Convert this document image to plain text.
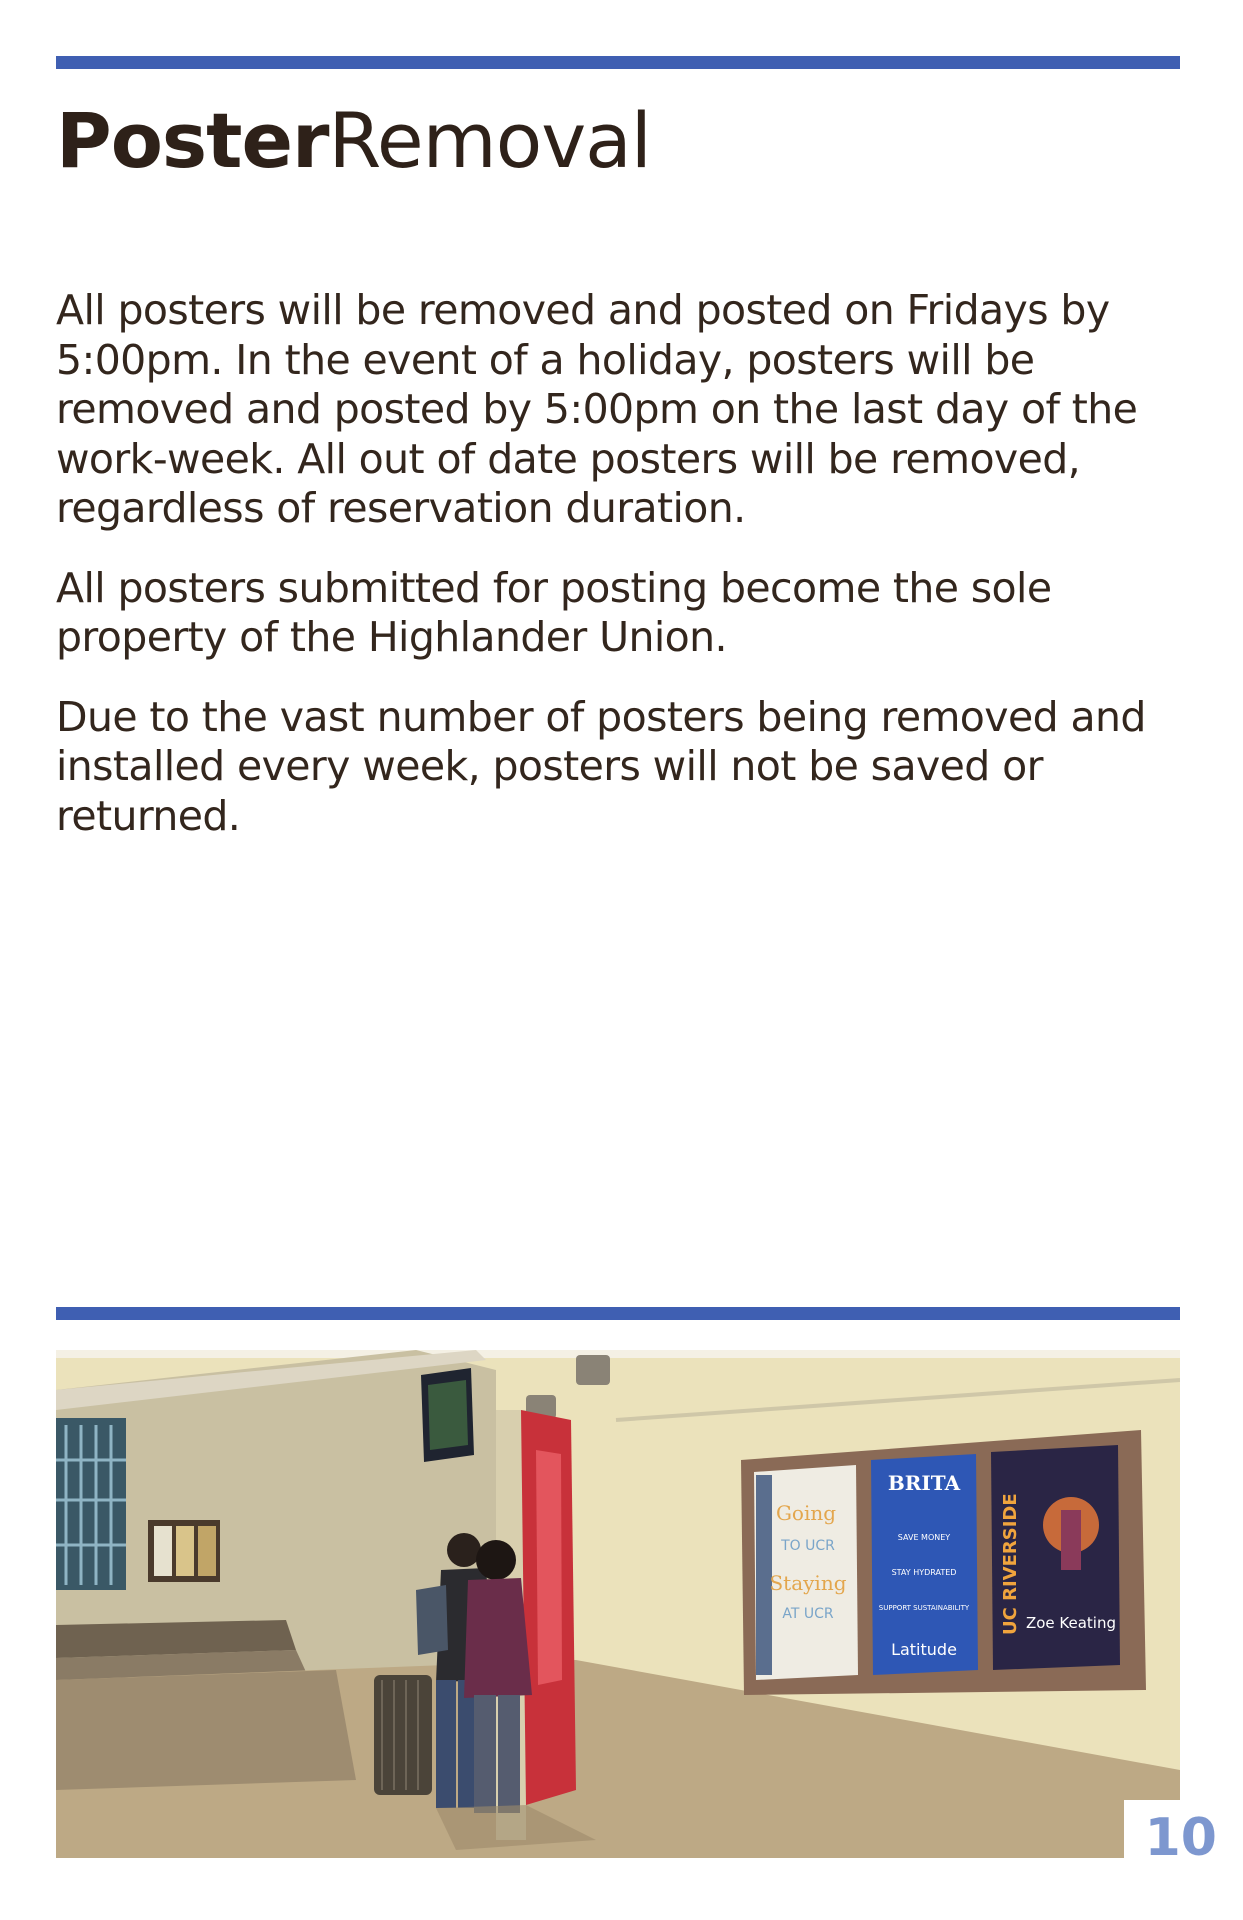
PosterRemoval

All posters will be removed and posted on Fridays by 5:00pm. In the event of a holiday, posters will be removed and posted by 5:00pm on the last day of the work-week. All out of date posters will be removed, regardless of reservation duration.

All posters submitted for posting become the sole property of the Highlander Union.

Due to the vast number of posters being removed and installed every week, posters will not be saved or returned.

Going
TO UCR
Staying
AT UCR
BRITA
SAVE MONEY
STAY HYDRATED
SUPPORT SUSTAINABILITY
Latitude
UC RIVERSIDE Zoe Keating

10
